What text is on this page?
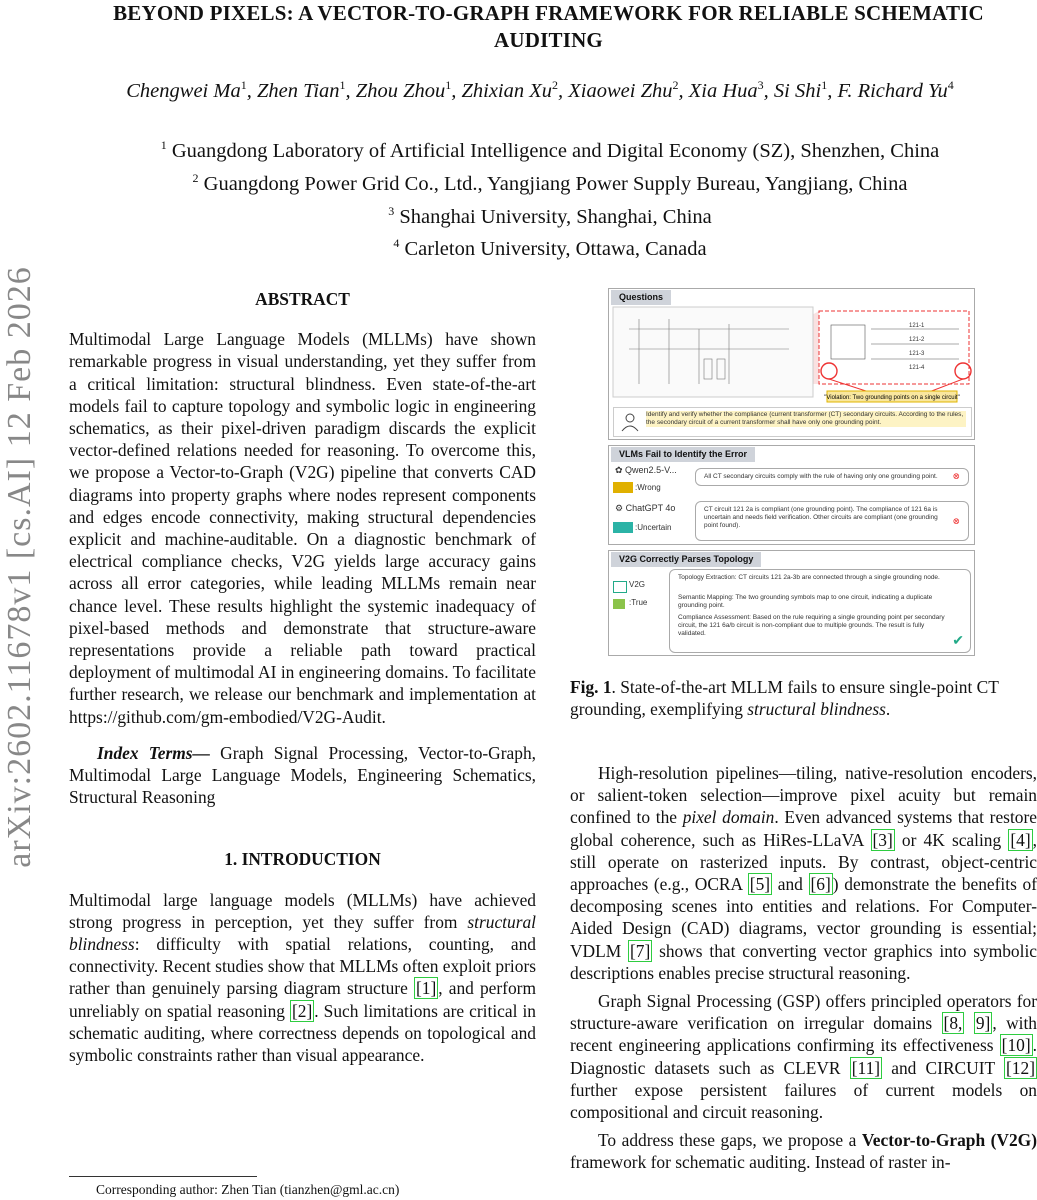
BEYOND PIXELS: A VECTOR-TO-GRAPH FRAMEWORK FOR RELIABLE SCHEMATIC AUDITING
Chengwei Ma$^1$, Zhen Tian$^1$, Zhou Zhou$^1$, Zhixian Xu$^2$, Xiaowei Zhu$^2$, Xia Hua$^3$, Si Shi$^1$, F. Richard Yu$^4$
$^1$ Guangdong Laboratory of Artificial Intelligence and Digital Economy (SZ), Shenzhen, China
$^2$ Guangdong Power Grid Co., Ltd., Yangjiang Power Supply Bureau, Yangjiang, China
$^3$ Shanghai University, Shanghai, China
$^4$ Carleton University, Ottawa, Canada
arXiv:2602.11678v1 [cs.AI] 12 Feb 2026	ABSTRACT

Multimodal Large Language Models (MLLMs) have shown remarkable progress in visual understanding, yet they suffer from a critical limitation: structural blindness. Even state-of-the-art models fail to capture topology and symbolic logic in engineering schematics, as their pixel-driven paradigm discards the explicit vector-defined relations needed for reasoning. To overcome this, we propose a Vector-to-Graph (V2G) pipeline that converts CAD diagrams into property graphs where nodes represent components and edges encode connectivity, making structural dependencies explicit and machine-auditable. On a diagnostic benchmark of electrical compliance checks, V2G yields large accuracy gains across all error categories, while leading MLLMs remain near chance level. These results highlight the systemic inadequacy of pixel-based methods and demonstrate that structure-aware representations provide a reliable path toward practical deployment of multimodal AI in engineering domains. To facilitate further research, we release our benchmark and implementation at https://github.com/gm-embodied/V2G-Audit.

Index Terms— Graph Signal Processing, Vector-to-Graph, Multimodal Large Language Models, Engineering Schematics, Structural Reasoning

1. INTRODUCTION

Multimodal large language models (MLLMs) have achieved strong progress in perception, yet they suffer from structural blindness: difficulty with spatial relations, counting, and connectivity. Recent studies show that MLLMs often exploit priors rather than genuinely parsing diagram structure [1] , and perform unreliably on spatial reasoning [2] . Such limitations are critical in schematic auditing, where correctness depends on topological and symbolic constraints rather than visual appearance.

Corresponding author: Zhen Tian (tianzhen@gml.ac.cn)
Questions
"Violation: Two grounding points on a single circuit"
121-1
121-2
121-3
121-4
Identify and verify whether the compliance (current transformer (CT) secondary circuits. According to the rules, the secondary circuit of a current transformer shall have only one grounding point.
VLMs Fail to Identify the Error
✿ Qwen2.5-V...
:Wrong
All CT secondary circuits comply with the rule of having only one grounding point.	⊗
⚙ ChatGPT 4o
:Uncertain
CT circuit 121 2a is compliant (one grounding point). The compliance of 121 6a is uncertain and needs field verification. Other circuits are compliant (one grounding point found).	⊗
V2G Correctly Parses Topology
V2G
:True
Topology Extraction: CT circuits 121 2a-3b are connected through a single grounding node.
Semantic Mapping: The two grounding symbols map to one circuit, indicating a duplicate grounding point.
Compliance Assessment: Based on the rule requiring a single grounding point per secondary circuit, the 121 6a/b circuit is non-compliant due to multiple grounds. The result is fully validated.
✔
Fig. 1. State-of-the-art MLLM fails to ensure single-point CT grounding, exemplifying structural blindness.

High-resolution pipelines—tiling, native-resolution encoders, or salient-token selection—improve pixel acuity but remain confined to the pixel domain. Even advanced systems that restore global coherence, such as HiRes-LLaVA [3] or 4K scaling [4] , still operate on rasterized inputs. By contrast, object-centric approaches (e.g., OCRA [5] and [6] ) demonstrate the benefits of decomposing scenes into entities and relations. For Computer-Aided Design (CAD) diagrams, vector grounding is essential; VDLM [7] shows that converting vector graphics into symbolic descriptions enables precise structural reasoning.

Graph Signal Processing (GSP) offers principled operators for structure-aware verification on irregular domains [8, 9] , with recent engineering applications confirming its effectiveness [10] . Diagnostic datasets such as CLEVR [11] and CIRCUIT [12] further expose persistent failures of current models on compositional and circuit reasoning.

To address these gaps, we propose a Vector-to-Graph (V2G) framework for schematic auditing. Instead of raster in-
